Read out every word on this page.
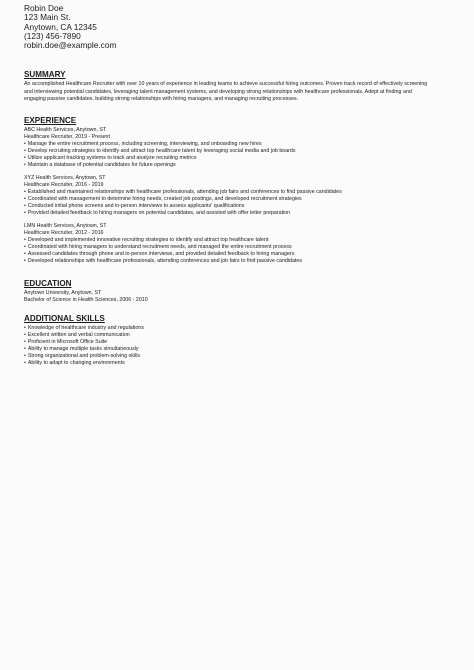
Robin Doe

123 Main St.

Anytown, CA 12345

(123) 456-7890

robin.doe@example.com

SUMMARY

An accomplished Healthcare Recruiter with over 10 years of experience in leading teams to achieve successful hiring outcomes. Proven track record of effectively screening and interviewing potential candidates, leveraging talent management systems, and developing strong relationships with healthcare professionals. Adept at finding and engaging passive candidates, building strong relationships with hiring managers, and managing recruiting processes.

EXPERIENCE

ABC Health Services, Anytown, ST

Healthcare Recruiter, 2019 - Present

• Manage the entire recruitment process, including screening, interviewing, and onboarding new hires
• Develop recruiting strategies to identify and attract top healthcare talent by leveraging social media and job boards
• Utilize applicant tracking systems to track and analyze recruiting metrics
• Maintain a database of potential candidates for future openings

XYZ Health Services, Anytown, ST

Healthcare Recruiter, 2016 - 2019

• Established and maintained relationships with healthcare professionals, attending job fairs and conferences to find passive candidates
• Coordinated with management to determine hiring needs, created job postings, and developed recruitment strategies
• Conducted initial phone screens and in-person interviews to assess applicants' qualifications
• Provided detailed feedback to hiring managers on potential candidates, and assisted with offer letter preparation

LMN Health Services, Anytown, ST

Healthcare Recruiter, 2012 - 2016

• Developed and implemented innovative recruiting strategies to identify and attract top healthcare talent
• Coordinated with hiring managers to understand recruitment needs, and managed the entire recruitment process
• Assessed candidates through phone and in-person interviews, and provided detailed feedback to hiring managers
• Developed relationships with healthcare professionals, attending conferences and job fairs to find passive candidates
EDUCATION

Anytown University, Anytown, ST

Bachelor of Science in Health Sciences, 2006 - 2010

ADDITIONAL SKILLS
• Knowledge of healthcare industry and regulations
• Excellent written and verbal communication
• Proficient in Microsoft Office Suite
• Ability to manage multiple tasks simultaneously
• Strong organizational and problem-solving skills
• Ability to adapt to changing environments
